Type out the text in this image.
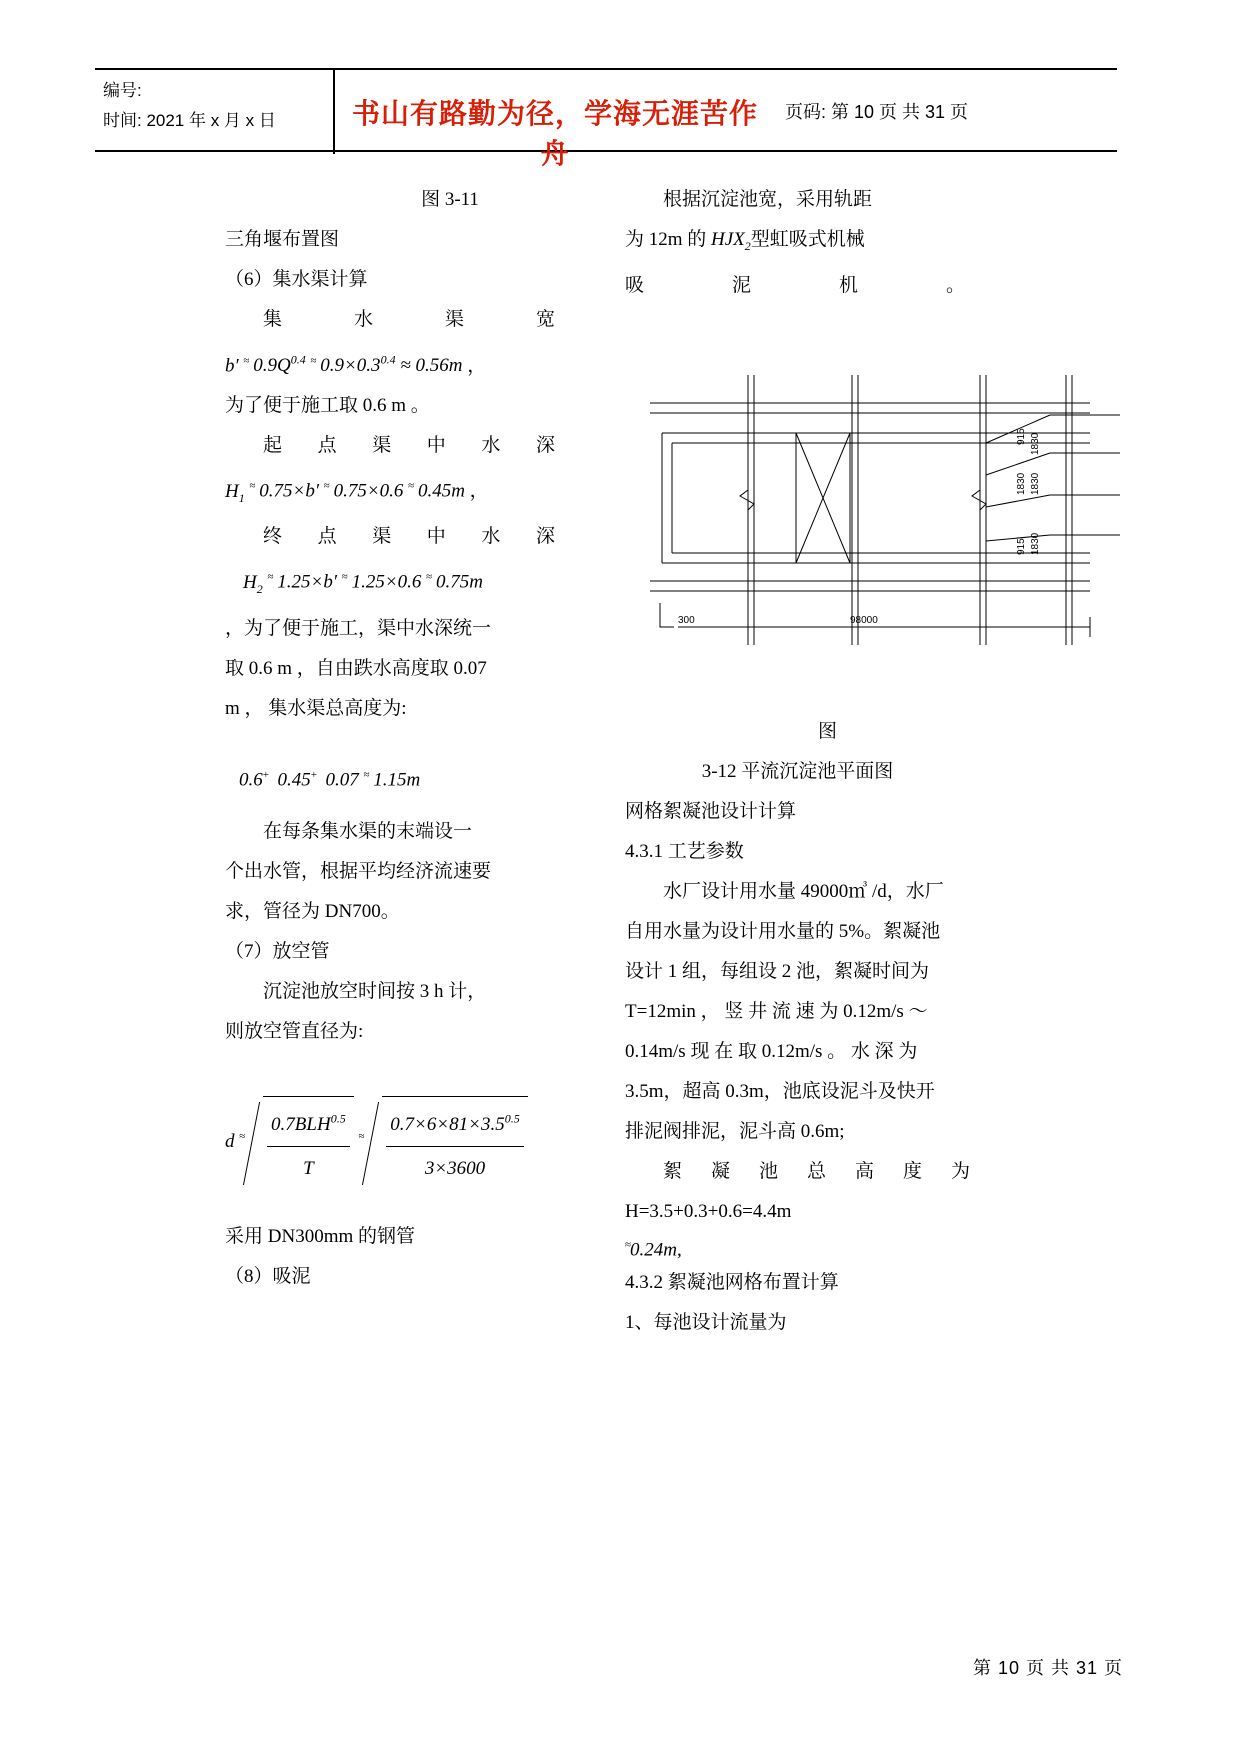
编号:
时间: 2021 年 x 月 x 日	书山有路勤为径，学海无涯苦作舟
页码: 第 10 页 共 31 页

图 3-11

三角堰布置图

（6）集水渠计算

集 水 渠 宽

b′ ≈ $0.9Q^{0.4}$ ≈ $0.9\times 0.3^{0.4} \approx 0.56m$ ，

为了便于施工取 0.6 m 。

起 点 渠 中 水 深

$H_1$ ≈ 0.75×b′ ≈ 0.75×0.6 ≈ 0.45m ，

终 点 渠 中 水 深

$H_2$ ≈ 1.25×b′ ≈ 1.25×0.6 ≈ 0.75m

，为了便于施工，渠中水深统一

取 0.6 m ，自由跌水高度取 0.07

m ， 集水渠总高度为:

0.6+  0.45+  0.07 ≈ 1.15m

在每条集水渠的末端设一

个出水管，根据平均经济流速要

求，管径为 DN700。

（7）放空管

沉淀池放空时间按 3 h 计，

则放空管直径为:

d $^\approx \frac{0.7BLH^{0.5}}{T} ^\approx \frac{0.7\times 6\times 81\times 3.5^{0.5}}{3\times 3600}$

采用 DN300mm 的钢管

（8）吸泥

根据沉淀池宽，采用轨距

为 12m 的 $HJX_2$型虹吸式机械

吸 泥 机 。

915 1830
1830 1830
915 1830
300	98000

图

3-12 平流沉淀池平面图

网格絮凝池设计计算

4.3.1 工艺参数

水厂设计用水量 49000㎥ /d，水厂

自用水量为设计用水量的 5%。絮凝池

设计 1 组，每组设 2 池，絮凝时间为

T=12min ， 竖 井 流 速 为 0.12m/s ～

0.14m/s 现 在 取 0.12m/s 。 水 深 为

3.5m，超高 0.3m，池底设泥斗及快开

排泥阀排泥，泥斗高 0.6m;

絮 凝 池 总 高 度 为

H=3.5+0.3+0.6=4.4m

≈0.24m,

4.3.2 絮凝池网格布置计算

1、每池设计流量为

第 10 页 共 31 页
